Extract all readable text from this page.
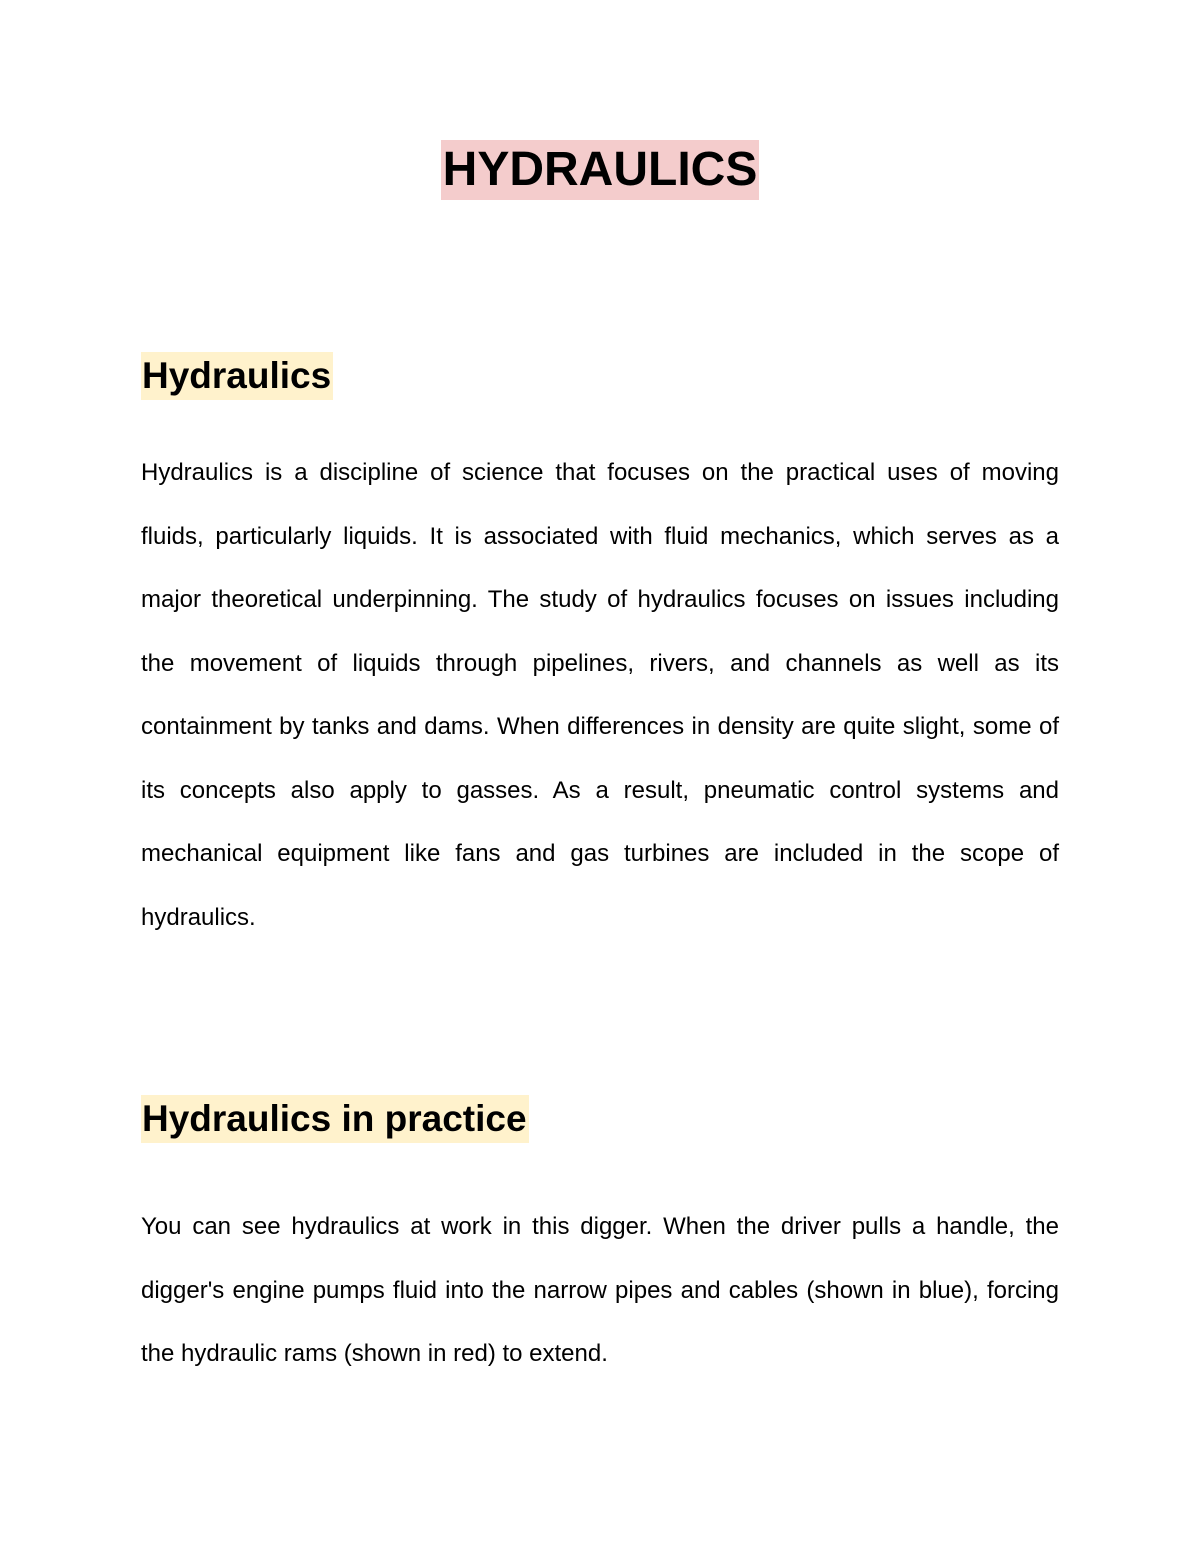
HYDRAULICS
Hydraulics

Hydraulics is a discipline of science that focuses on the practical uses of moving fluids, particularly liquids. It is associated with fluid mechanics, which serves as a major theoretical underpinning. The study of hydraulics focuses on issues including the movement of liquids through pipelines, rivers, and channels as well as its containment by tanks and dams. When differences in density are quite slight, some of its concepts also apply to gasses. As a result, pneumatic control systems and mechanical equipment like fans and gas turbines are included in the scope of hydraulics.

Hydraulics in practice

You can see hydraulics at work in this digger. When the driver pulls a handle, the digger's engine pumps fluid into the narrow pipes and cables (shown in blue), forcing the hydraulic rams (shown in red) to extend.
